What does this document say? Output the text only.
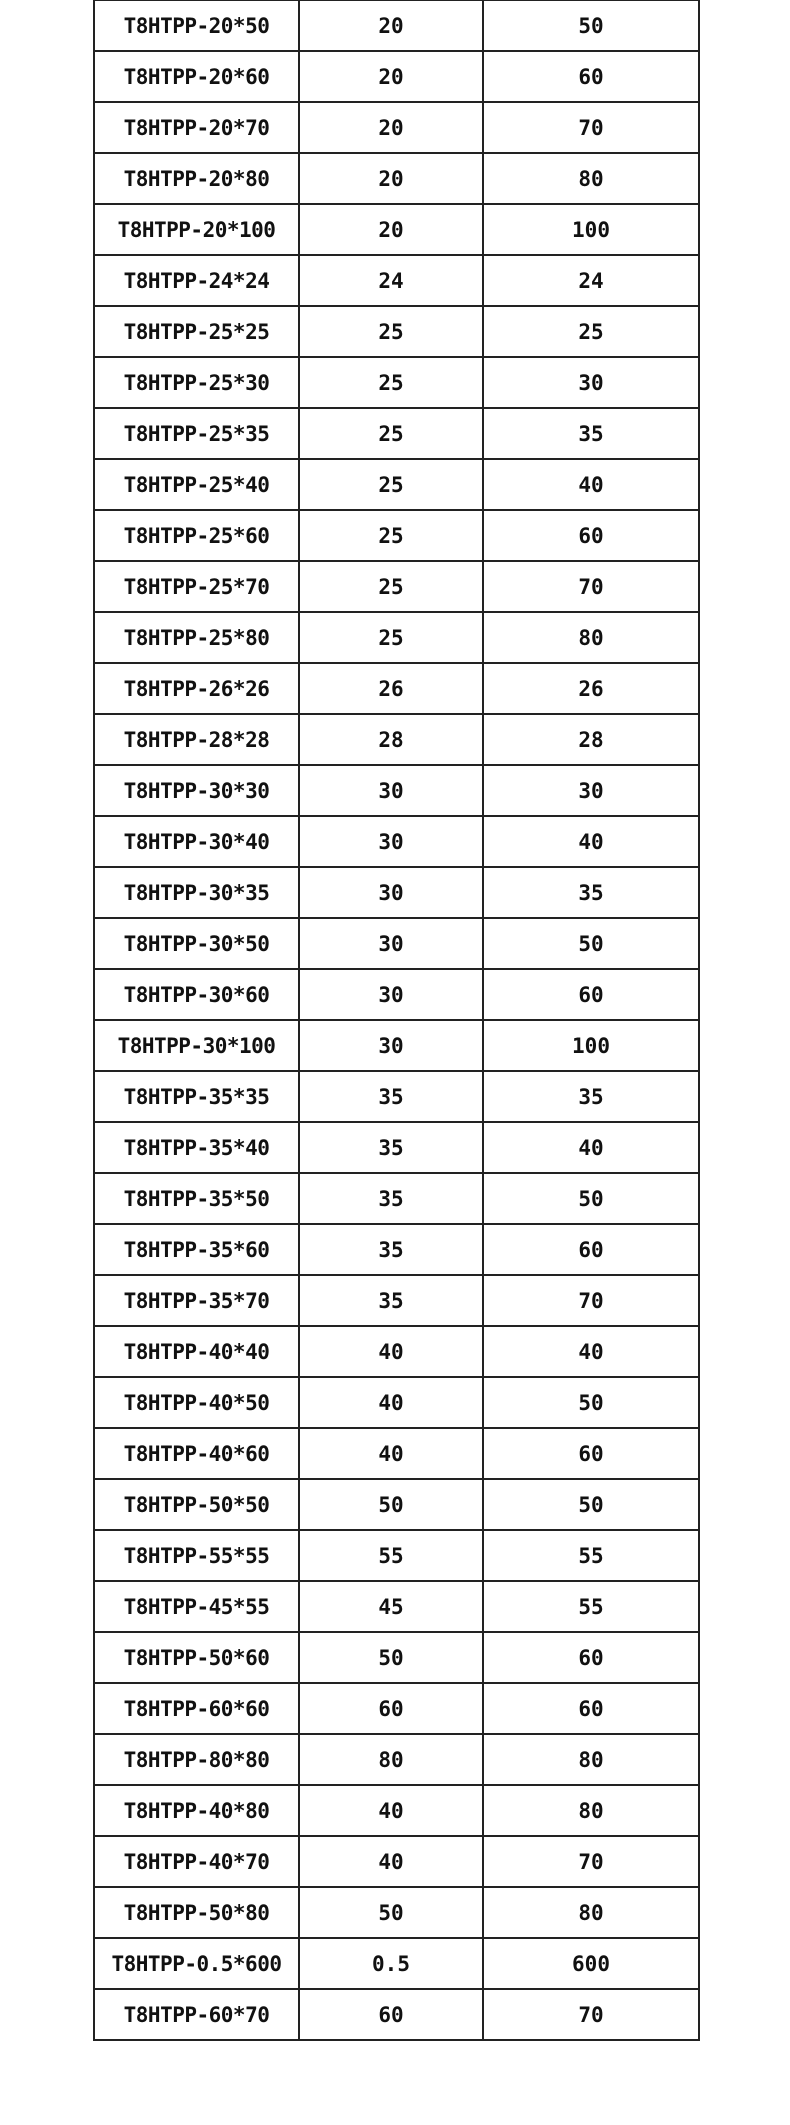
T8HTPP-20*50	20	50
T8HTPP-20*60	20	60
T8HTPP-20*70	20	70
T8HTPP-20*80	20	80
T8HTPP-20*100	20	100
T8HTPP-24*24	24	24
T8HTPP-25*25	25	25
T8HTPP-25*30	25	30
T8HTPP-25*35	25	35
T8HTPP-25*40	25	40
T8HTPP-25*60	25	60
T8HTPP-25*70	25	70
T8HTPP-25*80	25	80
T8HTPP-26*26	26	26
T8HTPP-28*28	28	28
T8HTPP-30*30	30	30
T8HTPP-30*40	30	40
T8HTPP-30*35	30	35
T8HTPP-30*50	30	50
T8HTPP-30*60	30	60
T8HTPP-30*100	30	100
T8HTPP-35*35	35	35
T8HTPP-35*40	35	40
T8HTPP-35*50	35	50
T8HTPP-35*60	35	60
T8HTPP-35*70	35	70
T8HTPP-40*40	40	40
T8HTPP-40*50	40	50
T8HTPP-40*60	40	60
T8HTPP-50*50	50	50
T8HTPP-55*55	55	55
T8HTPP-45*55	45	55
T8HTPP-50*60	50	60
T8HTPP-60*60	60	60
T8HTPP-80*80	80	80
T8HTPP-40*80	40	80
T8HTPP-40*70	40	70
T8HTPP-50*80	50	80
T8HTPP-0.5*600	0.5	600
T8HTPP-60*70	60	70
